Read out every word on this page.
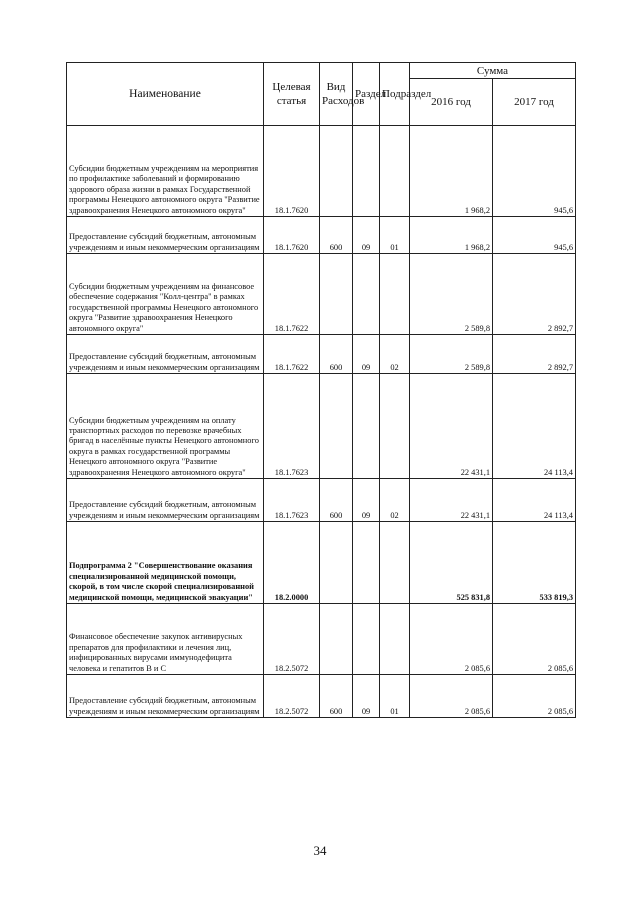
Наименование	Целевая статья	Вид Расходов	Раздел	Подраздел	Сумма	
					2016 год	2017 год
Субсидии бюджетным учреждениям на мероприятия по профилактике заболеваний и формированию здорового образа жизни в рамках Государственной программы Ненецкого автономного округа "Развитие здравоохранения Ненецкого автономного округа"	18.1.7620				1 968,2	945,6
Предоставление субсидий бюджетным, автономным учреждениям и иным некоммерческим организациям	18.1.7620	600	09	01	1 968,2	945,6
Субсидии бюджетным учреждениям на финансовое обеспечение содержания "Колл-центра" в рамках государственной программы Ненецкого автономного округа "Развитие здравоохранения Ненецкого автономного округа"	18.1.7622				2 589,8	2 892,7
Предоставление субсидий бюджетным, автономным учреждениям и иным некоммерческим организациям	18.1.7622	600	09	02	2 589,8	2 892,7
Субсидии бюджетным учреждениям на оплату транспортных расходов по перевозке врачебных бригад в населённые пункты Ненецкого автономного округа в рамках государственной программы Ненецкого автономного округа "Развитие здравоохранения Ненецкого автономного округа"	18.1.7623				22 431,1	24 113,4
Предоставление субсидий бюджетным, автономным учреждениям и иным некоммерческим организациям	18.1.7623	600	09	02	22 431,1	24 113,4
Подпрограмма 2 "Совершенствование оказания специализированной медицинской помощи, скорой, в том числе скорой специализированной медицинской помощи, медицинской эвакуации"	18.2.0000				525 831,8	533 819,3
Финансовое обеспечение закупок антивирусных препаратов для профилактики и лечения лиц, инфицированных вирусами иммунодефицита человека и гепатитов В и С	18.2.5072				2 085,6	2 085,6
Предоставление субсидий бюджетным, автономным учреждениям и иным некоммерческим организациям	18.2.5072	600	09	01	2 085,6	2 085,6
34
